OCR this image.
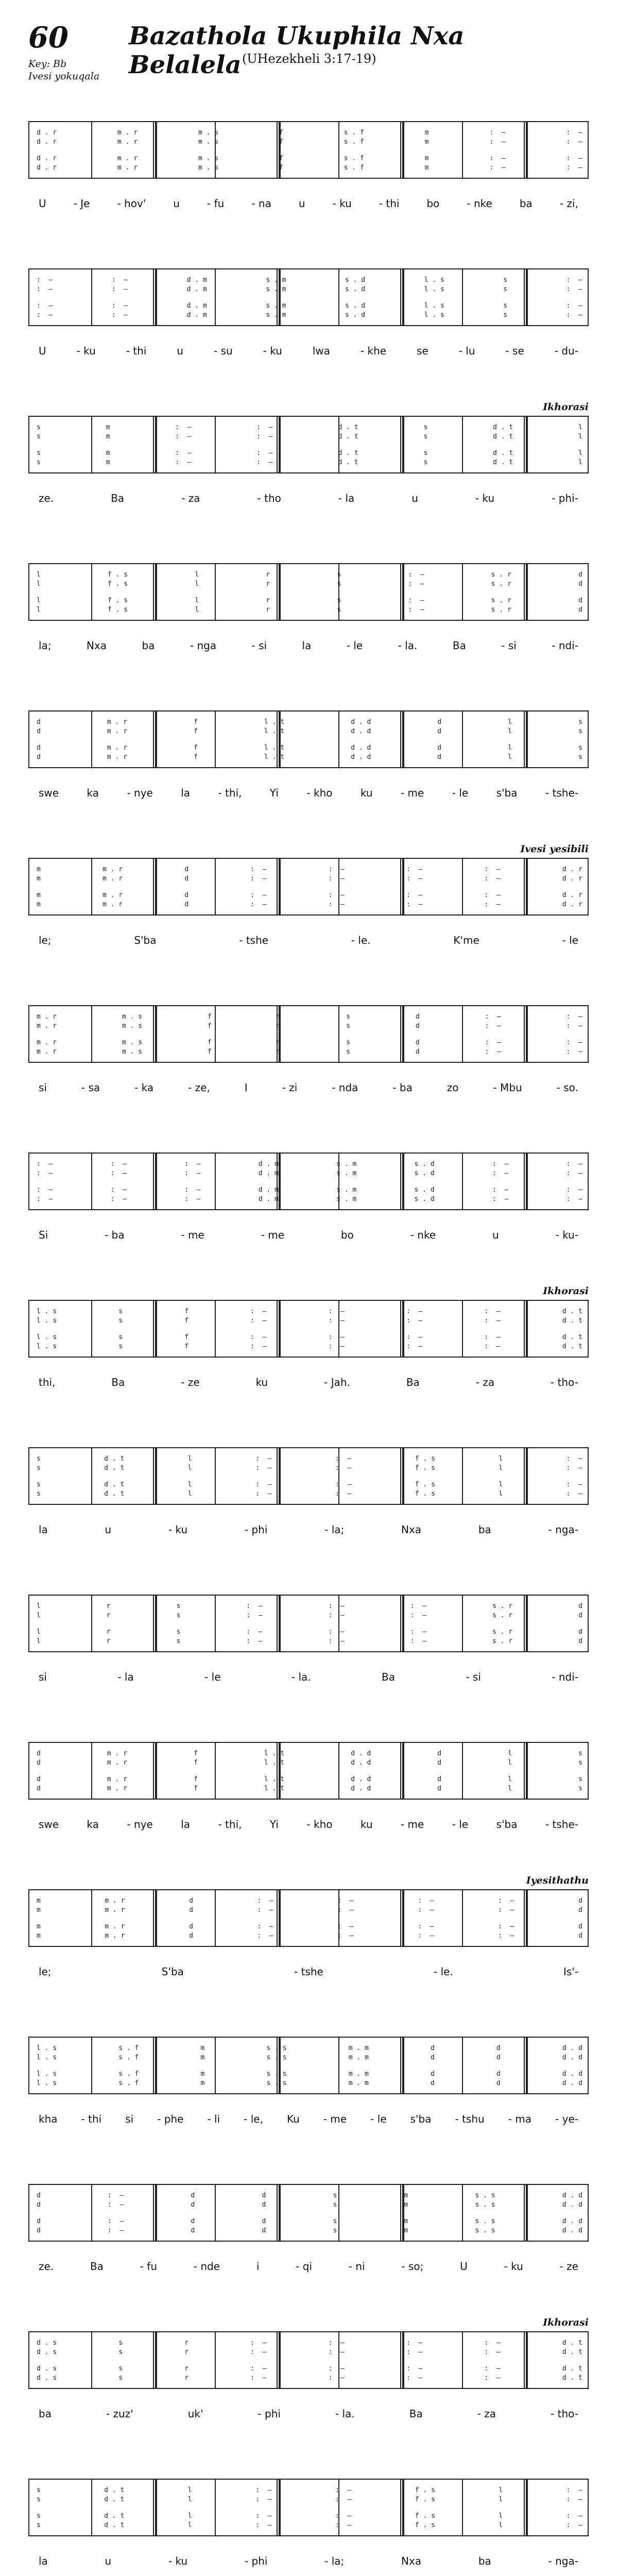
60 Bazathola Ukuphila Nxa Belalela (UHezekheli 3:17-19)
Key: Bb
Ivesi yokuqala
d . r	m . r	m . s	f	s . f	m	:  —	:  —
d . r	m . r	m . s	f	s . f	m	:  —	:  —
d . r	m . r	m . s	f	s . f	m	:  —	:  —
d . r	m . r	m . s	f	s . f	m	:  —	:  —
U	- Je	- hov'	u	- fu	- na	u	- ku	- thi	bo	- nke	ba	- zi,
:  —	:  —	d . m	s . m	s . d	l . s	s	:  —
:  —	:  —	d . m	s . m	s . d	l . s	s	:  —
:  —	:  —	d . m	s . m	s . d	l . s	s	:  —
:  —	:  —	d . m	s . m	s . d	l . s	s	:  —
U	- ku	- thi	u	- su	- ku	lwa	- khe	se	- lu	- se	- du-
Ikhorasi
s	m	:  —	:  —	d . t	s	d . t	l
s	m	:  —	:  —	d . t	s	d . t	l
s	m	:  —	:  —	d . t	s	d . t	l
s	m	:  —	:  —	d . t	s	d . t	l
ze.	Ba	- za	- tho	- la	u	- ku	- phi-
l	f . s	l	r	s	:  —	s . r	d
l	f . s	l	r	s	:  —	s . r	d
l	f . s	l	r	s	:  —	s . r	d
l	f . s	l	r	s	:  —	s . r	d
la;	Nxa	ba	- nga	- si	la	- le	- la.	Ba	- si	- ndi-
d	m . r	f	l . t	d . d	d	l	s
d	m . r	f	l . t	d . d	d	l	s
d	m . r	f	l . t	d . d	d	l	s
d	m . r	f	l . t	d . d	d	l	s
swe	ka	- nye	la	- thi,	Yi	- kho	ku	- me	- le	s'ba	- tshe-
Ivesi yesibili
m	m . r	d	:  —	:  —	:  —	:  —	d . r
m	m . r	d	:  —	:  —	:  —	:  —	d . r
m	m . r	d	:  —	:  —	:  —	:  —	d . r
m	m . r	d	:  —	:  —	:  —	:  —	d . r
le;	S'ba	- tshe	- le.	K'me	- le
m . r	m . s	f	m	s	d	:  —	:  —
m . r	m . s	f	m	s	d	:  —	:  —
m . r	m . s	f	m	s	d	:  —	:  —
m . r	m . s	f	m	s	d	:  —	:  —
si	- sa	- ka	- ze,	I	- zi	- nda	- ba	zo	- Mbu	- so.
:  —	:  —	:  —	d . m	s . m	s . d	:  —	:  —
:  —	:  —	:  —	d . m	s . m	s . d	:  —	:  —
:  —	:  —	:  —	d . m	s . m	s . d	:  —	:  —
:  —	:  —	:  —	d . m	s . m	s . d	:  —	:  —
Si	- ba	- me	- me	bo	- nke	u	- ku-
Ikhorasi
l . s	s	f	:  —	:  —	:  —	:  —	d . t
l . s	s	f	:  —	:  —	:  —	:  —	d . t
l . s	s	f	:  —	:  —	:  —	:  —	d . t
l . s	s	f	:  —	:  —	:  —	:  —	d . t
thi,	Ba	- ze	ku	- Jah.	Ba	- za	- tho-
s	d . t	l	:  —	:  —	f . s	l	:  —
s	d . t	l	:  —	:  —	f . s	l	:  —
s	d . t	l	:  —	:  —	f . s	l	:  —
s	d . t	l	:  —	:  —	f . s	l	:  —
la	u	- ku	- phi	- la;	Nxa	ba	- nga-
l	r	s	:  —	:  —	:  —	s . r	d
l	r	s	:  —	:  —	:  —	s . r	d
l	r	s	:  —	:  —	:  —	s . r	d
l	r	s	:  —	:  —	:  —	s . r	d
si	- la	- le	- la.	Ba	- si	- ndi-
d	m . r	f	l . t	d . d	d	l	s
d	m . r	f	l . t	d . d	d	l	s
d	m . r	f	l . t	d . d	d	l	s
d	m . r	f	l . t	d . d	d	l	s
swe	ka	- nye	la	- thi,	Yi	- kho	ku	- me	- le	s'ba	- tshe-
Iyesithathu
m	m . r	d	:  —	:  —	:  —	:  —	d
m	m . r	d	:  —	:  —	:  —	:  —	d
m	m . r	d	:  —	:  —	:  —	:  —	d
m	m . r	d	:  —	:  —	:  —	:  —	d
le;	S'ba	- tshe	- le.	Is'-
l . s	s . f	m	s . s	m . m	d	d	d . d
l . s	s . f	m	s . s	m . m	d	d	d . d
l . s	s . f	m	s . s	m . m	d	d	d . d
l . s	s . f	m	s . s	m . m	d	d	d . d
kha - thi si - phe - li - le, Ku - me - le s'ba - tshu - ma - ye-
d	:  —	d	d	s	m	s . s	d . d
d	:  —	d	d	s	m	s . s	d . d
d	:  —	d	d	s	m	s . s	d . d
d	:  —	d	d	s	m	s . s	d . d
ze.	Ba	- fu	- nde	i	- qi	- ni	- so;	U	- ku	- ze
Ikhorasi
d . s	s	r	:  —	:  —	:  —	:  —	d . t
d . s	s	r	:  —	:  —	:  —	:  —	d . t
d . s	s	r	:  —	:  —	:  —	:  —	d . t
d . s	s	r	:  —	:  —	:  —	:  —	d . t
ba	- zuz'	uk'	- phi	- la.	Ba	- za	- tho-
s	d . t	l	:  —	:  —	f . s	l	:  —
s	d . t	l	:  —	:  —	f . s	l	:  —
s	d . t	l	:  —	:  —	f . s	l	:  —
s	d . t	l	:  —	:  —	f . s	l	:  —
la	u	- ku	- phi	- la;	Nxa	ba	- nga-
